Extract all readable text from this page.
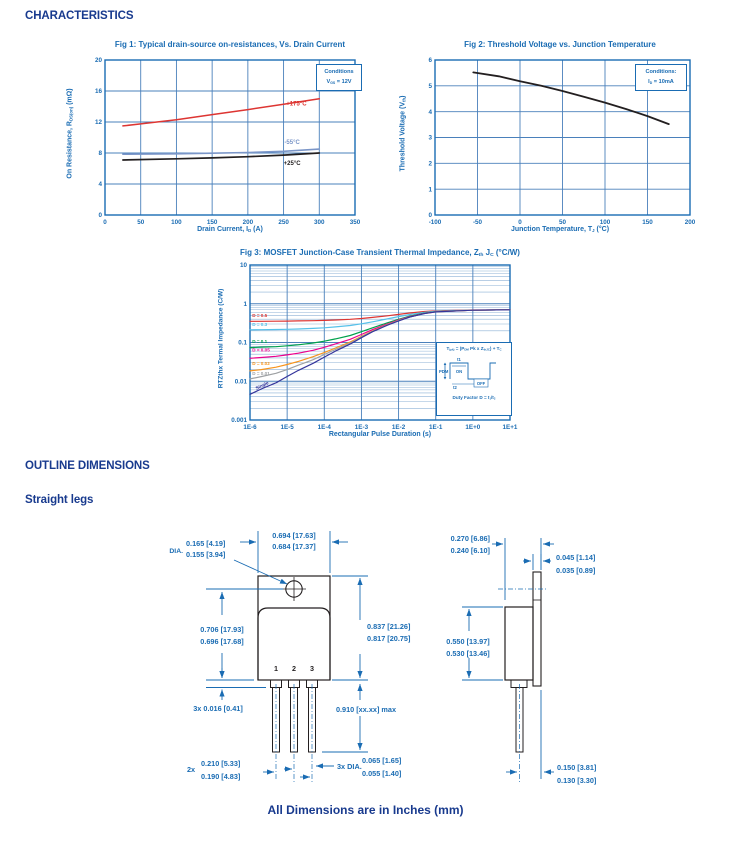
CHARACTERISTICS
OUTLINE DIMENSIONS
Straight legs
Fig 1: Typical drain-source on-resistances, Vs. Drain Current
On Resistance, $R_{DS(on)}$ (mΩ)
0	50	100	150	200	250	300	350
0
4
8
12
16
20
+175°C
-55°C
+25°C
Drain Current, $I_D$ (A)
Conditions
$V_{GS} = 12V$
Fig 2: Threshold Voltage vs. Junction Temperature
Threshold Voltage $(V_{th})$
-100	-50	0	50	100	150	200
0
1
2
3
4
5
6
Junction Temperature, $T_J$ (°C)
Conditions:
$I_D = 10mA$
Fig 3: MOSFET Junction-Case Transient Thermal Impedance, $Z_{th}$ $J_C$ (°C/W)
RTZthx Termal Impedance (C/W)
1E-6	1E-5	1E-4	1E-3	1E-2	1E-1	1E+0	1E+1
0.001
0.01
0.1
1
10
D = 0.5
D = 0.3
D = 0.1
D = 0.05
D = 0.02
D = 0.01
Single
Rectangular Pulse Duration (s)
$T_{(pk)} = (P_{DM}$ Pk x $Z_{thJC}) + T_C$
PDM
t1
ON
t2
OFF
Duty Factor $D = t_1/t_2$
1 2 3
0.694 [17.63]
0.684 [17.37]
DIA.
0.165 [4.19]
0.155 [3.94]
0.706 [17.93]
0.696 [17.68]
3x 0.016 [0.41]
0.837 [21.26]
0.817 [20.75]
0.910 [xx.xx] max
2x
0.210 [5.33]
0.190 [4.83]
3x DIA.
0.065 [1.65]
0.055 [1.40]
0.270 [6.86]
0.240 [6.10]
0.045 [1.14]
0.035 [0.89]
0.550 [13.97]
0.530 [13.46]
0.150 [3.81]
0.130 [3.30]
All Dimensions are in Inches (mm)
